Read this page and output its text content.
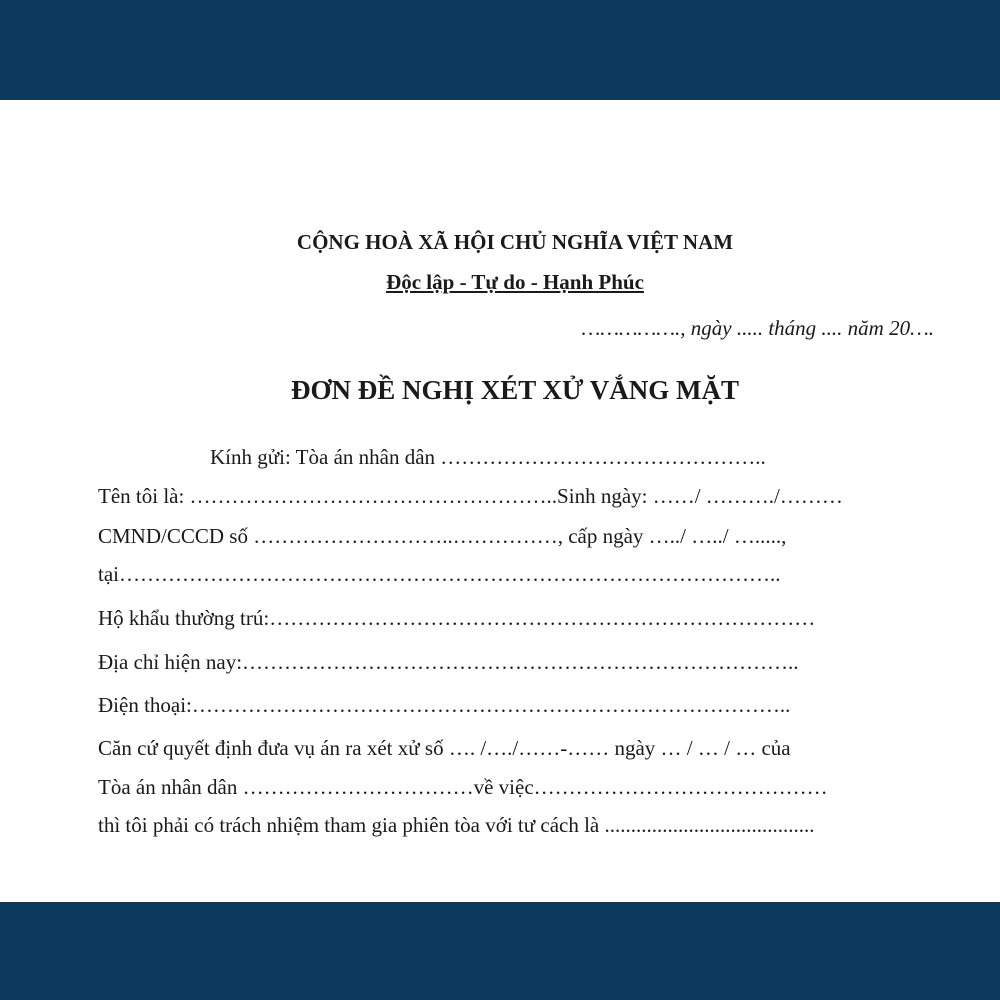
CỘNG HOÀ XÃ HỘI CHỦ NGHĨA VIỆT NAM
Độc lập - Tự do - Hạnh Phúc
……………., ngày ..... tháng .... năm 20….
ĐƠN ĐỀ NGHỊ XÉT XỬ VẮNG MẶT
Kính gửi: Tòa án nhân dân ………………………………………..
Tên tôi là: ……………………………………………..Sinh ngày: ……/ ………./………
CMND/CCCD số ………………………..……………, cấp ngày …../ …../ ….....,
tại…………………………………………………………………………………..
Hộ khẩu thường trú:……………………………………………………………………
Địa chỉ hiện nay:……………………………………………………………………..
Điện thoại:…………………………………………………………………………..
Căn cứ quyết định đưa vụ án ra xét xử số …. /…./……-…… ngày … / … / … của
Tòa án nhân dân ……………………………về việc……………………………………
thì tôi phải có trách nhiệm tham gia phiên tòa với tư cách là ........................................
